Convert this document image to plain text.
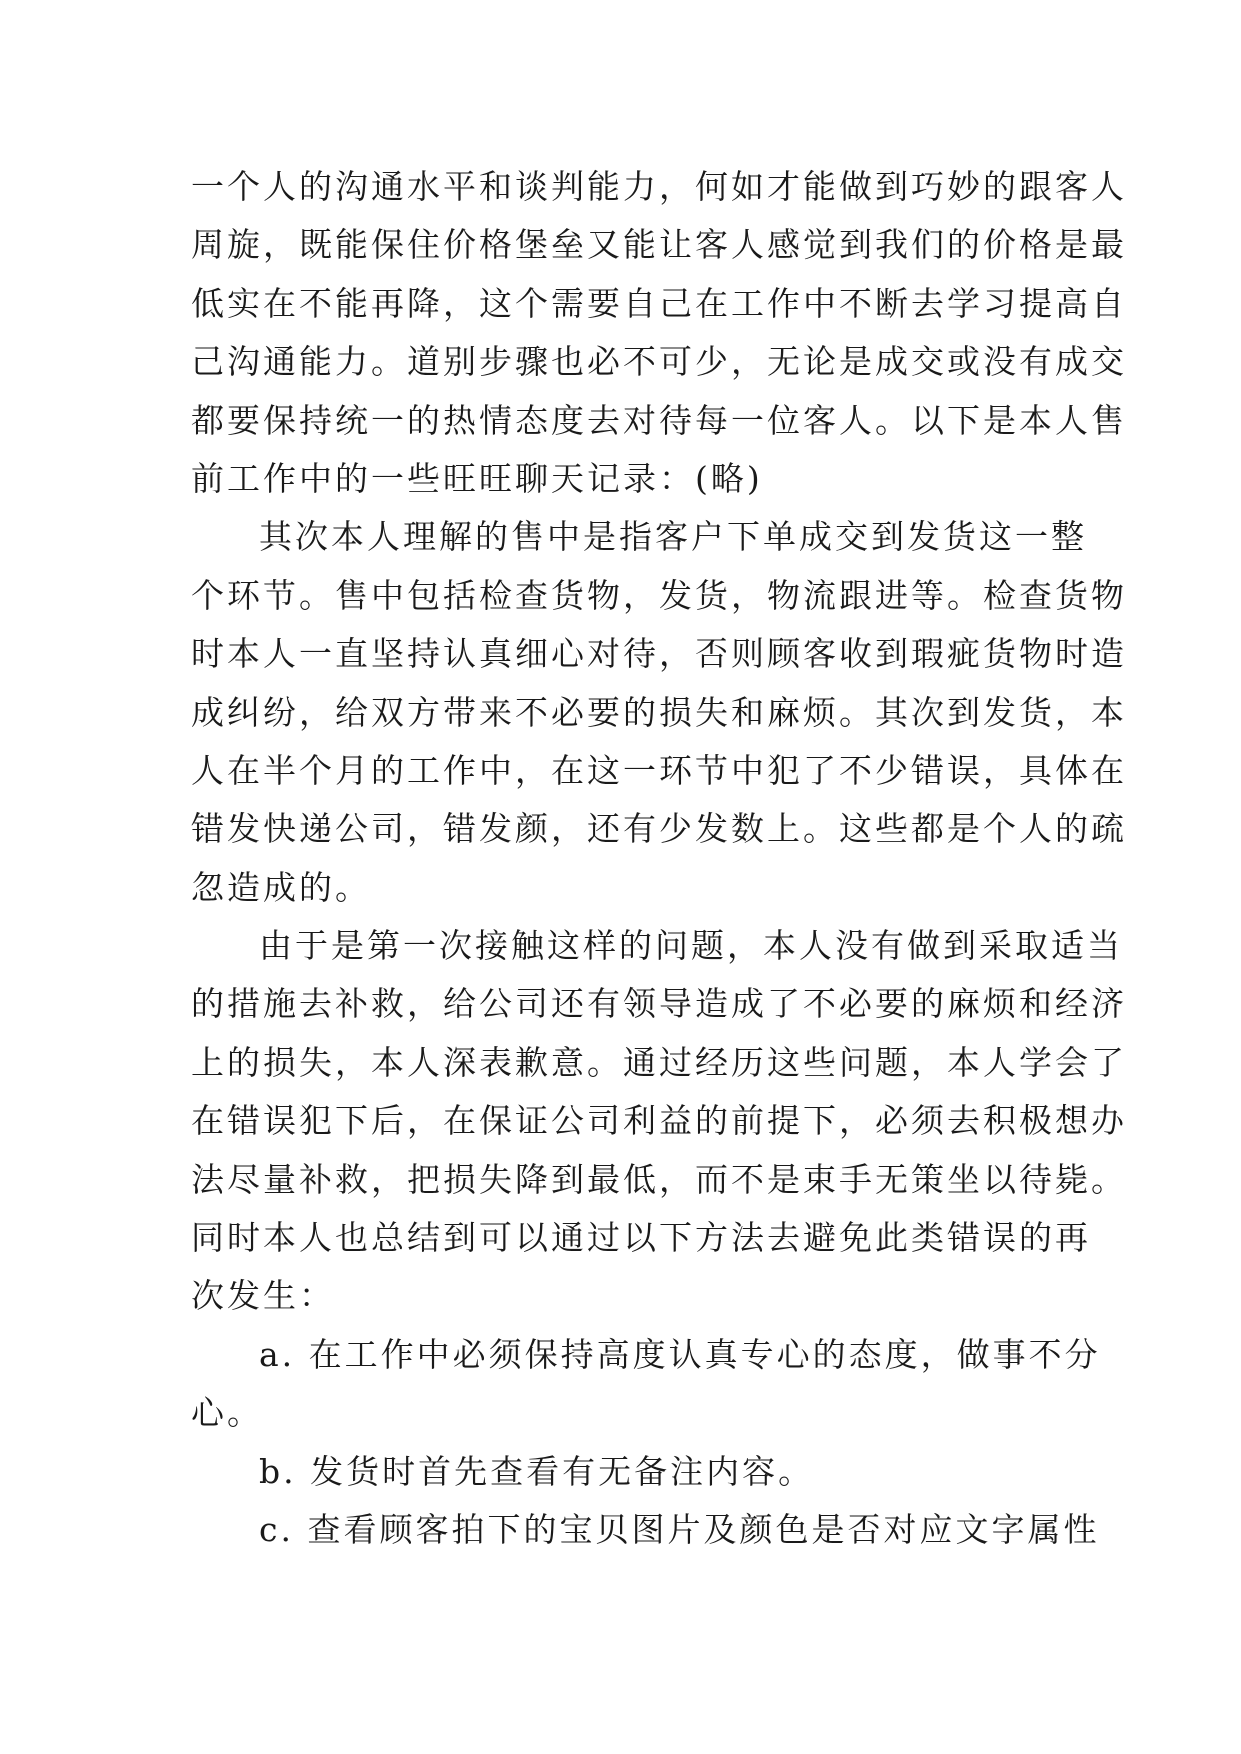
一个人的沟通水平和谈判能力，何如才能做到巧妙的跟客人
周旋，既能保住价格堡垒又能让客人感觉到我们的价格是最
低实在不能再降，这个需要自己在工作中不断去学习提高自
己沟通能力。道别步骤也必不可少，无论是成交或没有成交
都要保持统一的热情态度去对待每一位客人。以下是本人售
前工作中的一些旺旺聊天记录：(略)
其次本人理解的售中是指客户下单成交到发货这一整
个环节。售中包括检查货物，发货，物流跟进等。检查货物
时本人一直坚持认真细心对待，否则顾客收到瑕疵货物时造
成纠纷，给双方带来不必要的损失和麻烦。其次到发货，本
人在半个月的工作中，在这一环节中犯了不少错误，具体在
错发快递公司，错发颜，还有少发数上。这些都是个人的疏
忽造成的。
由于是第一次接触这样的问题，本人没有做到采取适当
的措施去补救，给公司还有领导造成了不必要的麻烦和经济
上的损失，本人深表歉意。通过经历这些问题，本人学会了
在错误犯下后，在保证公司利益的前提下，必须去积极想办
法尽量补救，把损失降到最低，而不是束手无策坐以待毙。
同时本人也总结到可以通过以下方法去避免此类错误的再
次发生：
a. 在工作中必须保持高度认真专心的态度，做事不分
心。
b. 发货时首先查看有无备注内容。
c. 查看顾客拍下的宝贝图片及颜色是否对应文字属性
